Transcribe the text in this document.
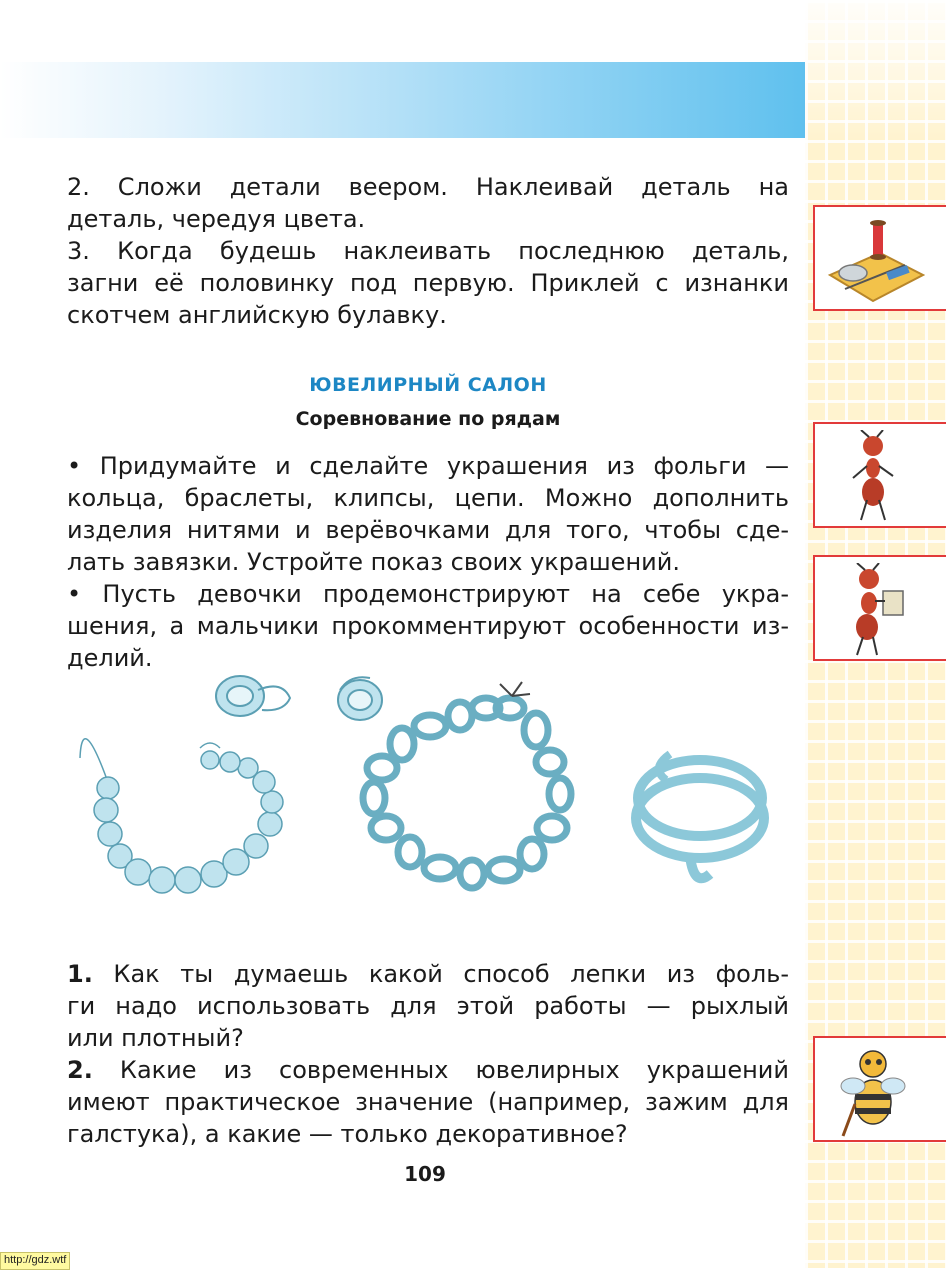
2. Сложи детали веером. Наклеивай деталь на
деталь, чередуя цвета.
3. Когда будешь наклеивать последнюю деталь,
загни её половинку под первую. Приклей с изнанки
скотчем английскую булавку.
ЮВЕЛИРНЫЙ САЛОН
Соревнование по рядам
• Придумайте и сделайте украшения из фольги —
кольца, браслеты, клипсы, цепи. Можно дополнить
изделия нитями и верёвочками для того, чтобы сде-
лать завязки. Устройте показ своих украшений.
• Пусть девочки продемонстрируют на себе укра-
шения, а мальчики прокомментируют особенности из-
делий.
1. Как ты думаешь какой способ лепки из фоль-
ги надо использовать для этой работы — рыхлый
или плотный?
2. Какие из современных ювелирных украшений
имеют практическое значение (например, зажим для
галстука), а какие — только декоративное?
109
http://gdz.wtf
